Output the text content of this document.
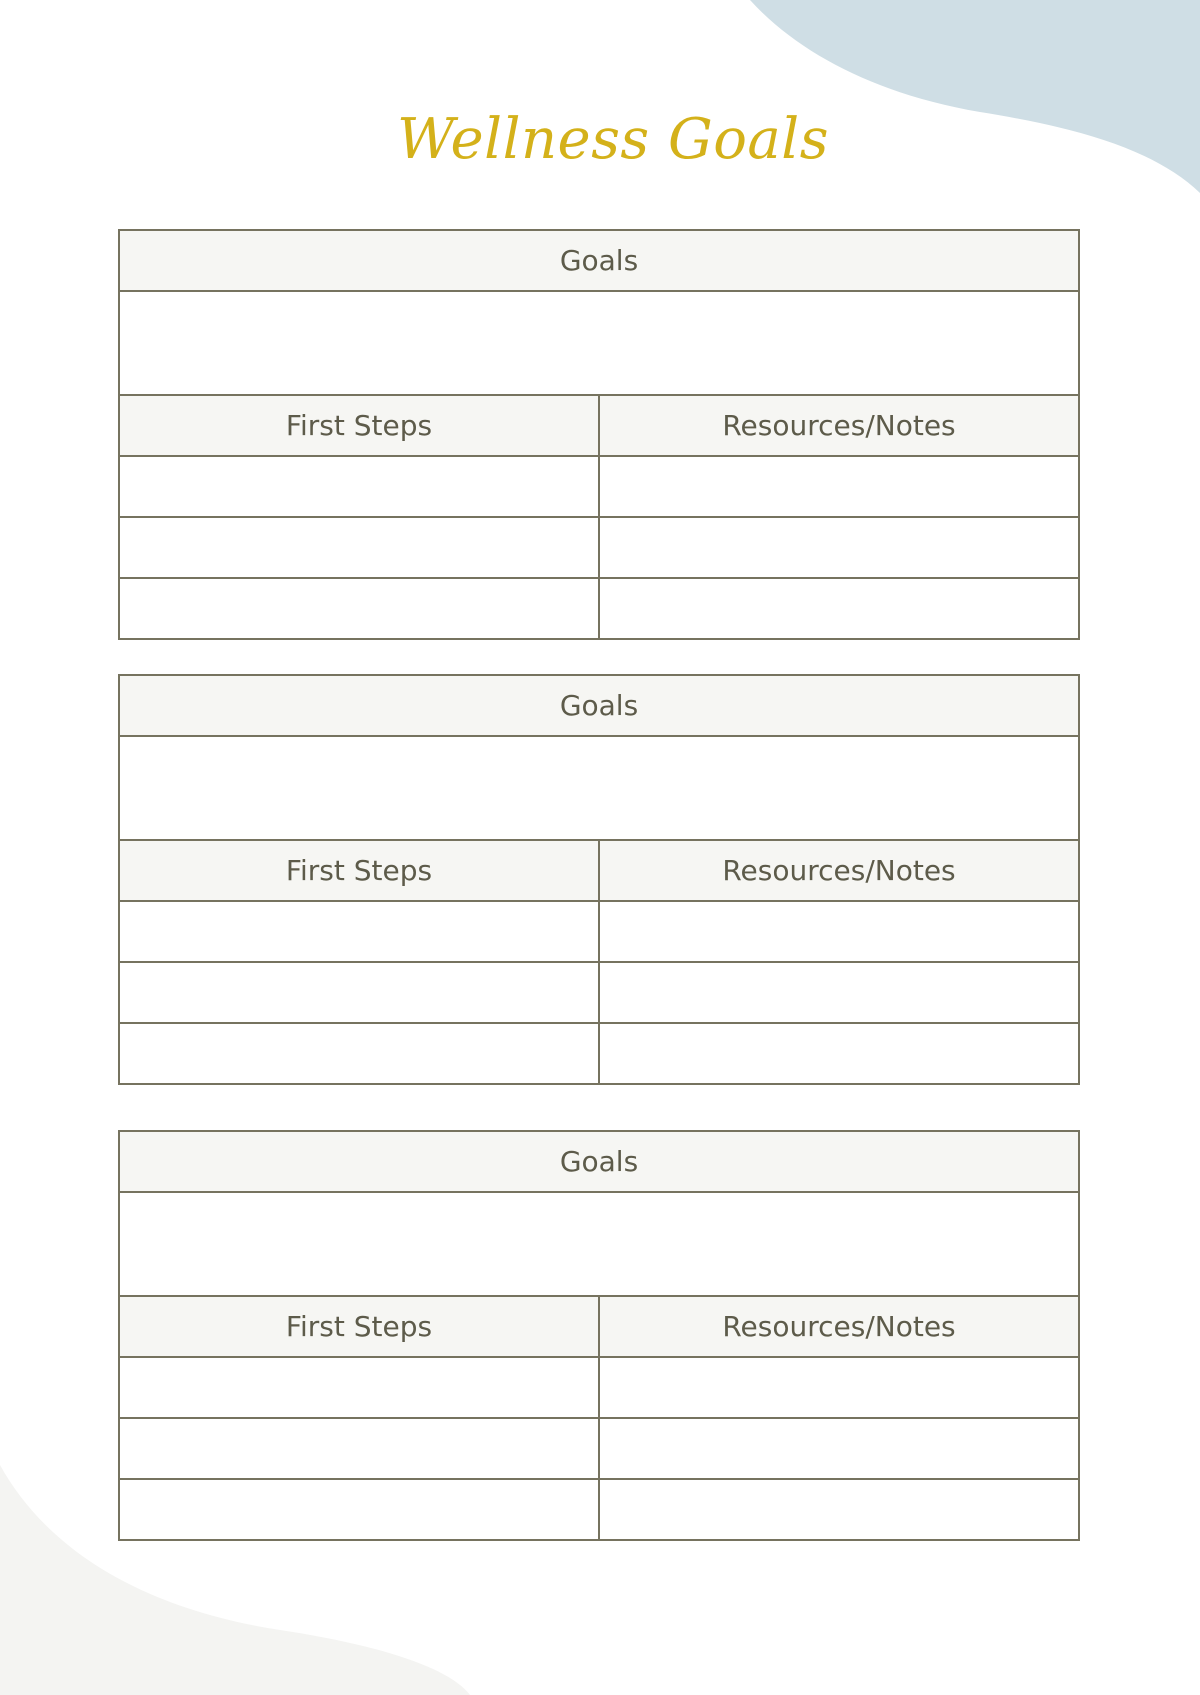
Wellness Goals
Goals	

First Steps	Resources/Notes

Goals	

First Steps	Resources/Notes

Goals	

First Steps	Resources/Notes
